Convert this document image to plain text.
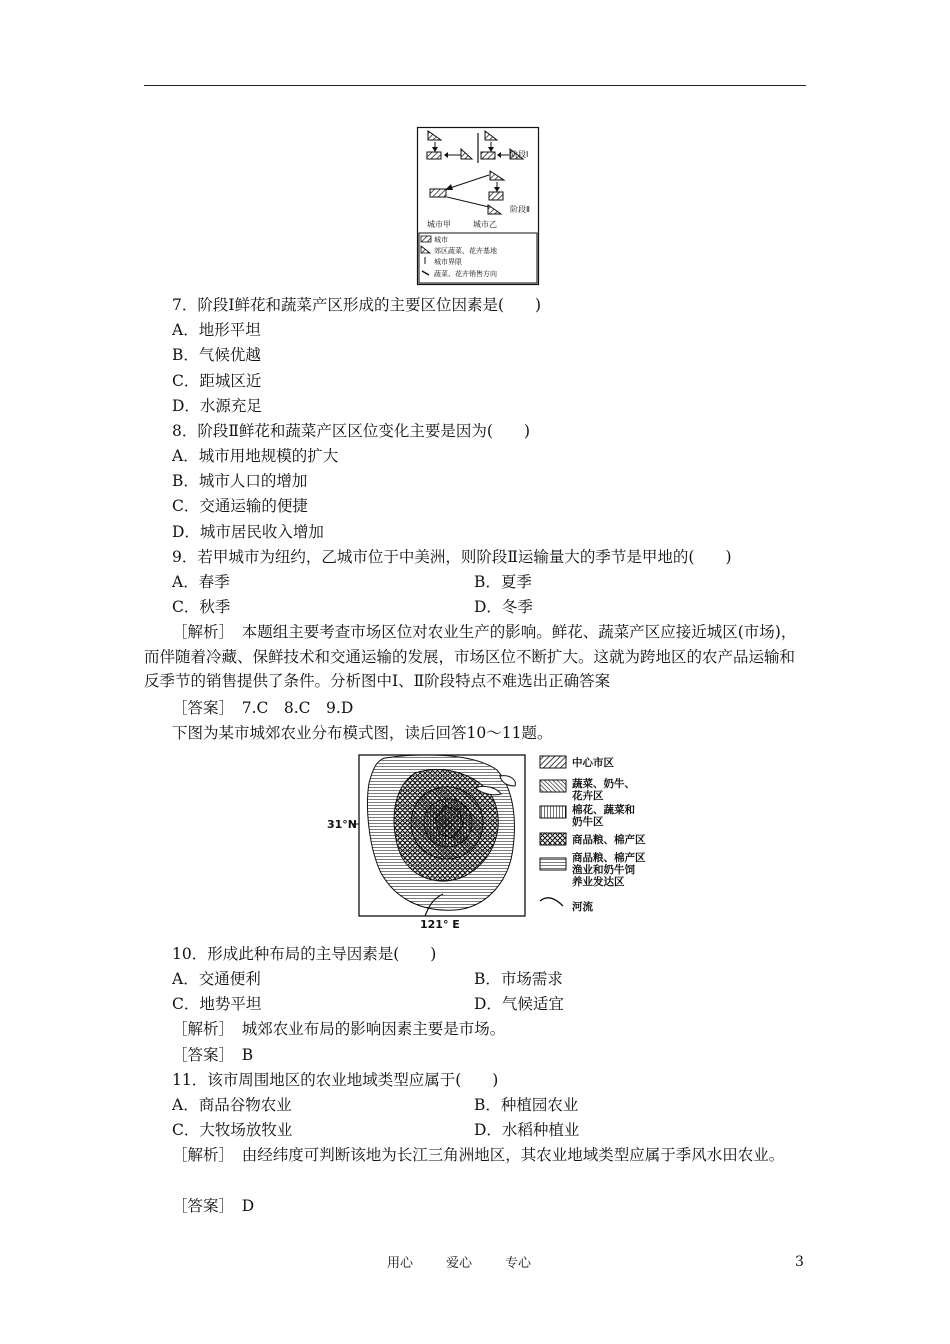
阶段Ⅰ
阶段Ⅱ
城市甲	城市乙
城市
郊区蔬菜、花卉基地
城市界限
蔬菜、花卉销售方向
7．阶段Ⅰ鲜花和蔬菜产区形成的主要区位因素是(　　)
A．地形平坦
B．气候优越
C．距城区近
D．水源充足
8．阶段Ⅱ鲜花和蔬菜产区区位变化主要是因为(　　)
A．城市用地规模的扩大
B．城市人口的增加
C．交通运输的便捷
D．城市居民收入增加
9．若甲城市为纽约，乙城市位于中美洲，则阶段Ⅱ运输量大的季节是甲地的(　　)
A．春季	B．夏季
C．秋季	D．冬季
［解析］　本题组主要考查市场区位对农业生产的影响。鲜花、蔬菜产区应接近城区(市场)，而伴随着冷藏、保鲜技术和交通运输的发展，市场区位不断扩大。这就为跨地区的农产品运输和反季节的销售提供了条件。分析图中Ⅰ、Ⅱ阶段特点不难选出正确答案
［答案］　7.C　8.C　9.D
下图为某市城郊农业分布模式图，读后回答10～11题。
31°N
121° E
中心市区
蔬菜、奶牛、
花卉区
棉花、蔬菜和
奶牛区
商品粮、棉产区
商品粮、棉产区
渔业和奶牛饲
养业发达区
河流
10．形成此种布局的主导因素是(　　)
A．交通便利	B．市场需求
C．地势平坦	D．气候适宜
［解析］　城郊农业布局的影响因素主要是市场。
［答案］　B
11．该市周围地区的农业地域类型应属于(　　)
A．商品谷物农业	B．种植园农业
C．大牧场放牧业	D．水稻种植业
［解析］　由经纬度可判断该地为长江三角洲地区，其农业地域类型应属于季风水田农业。
［答案］　D
用心	爱心	专心	3
